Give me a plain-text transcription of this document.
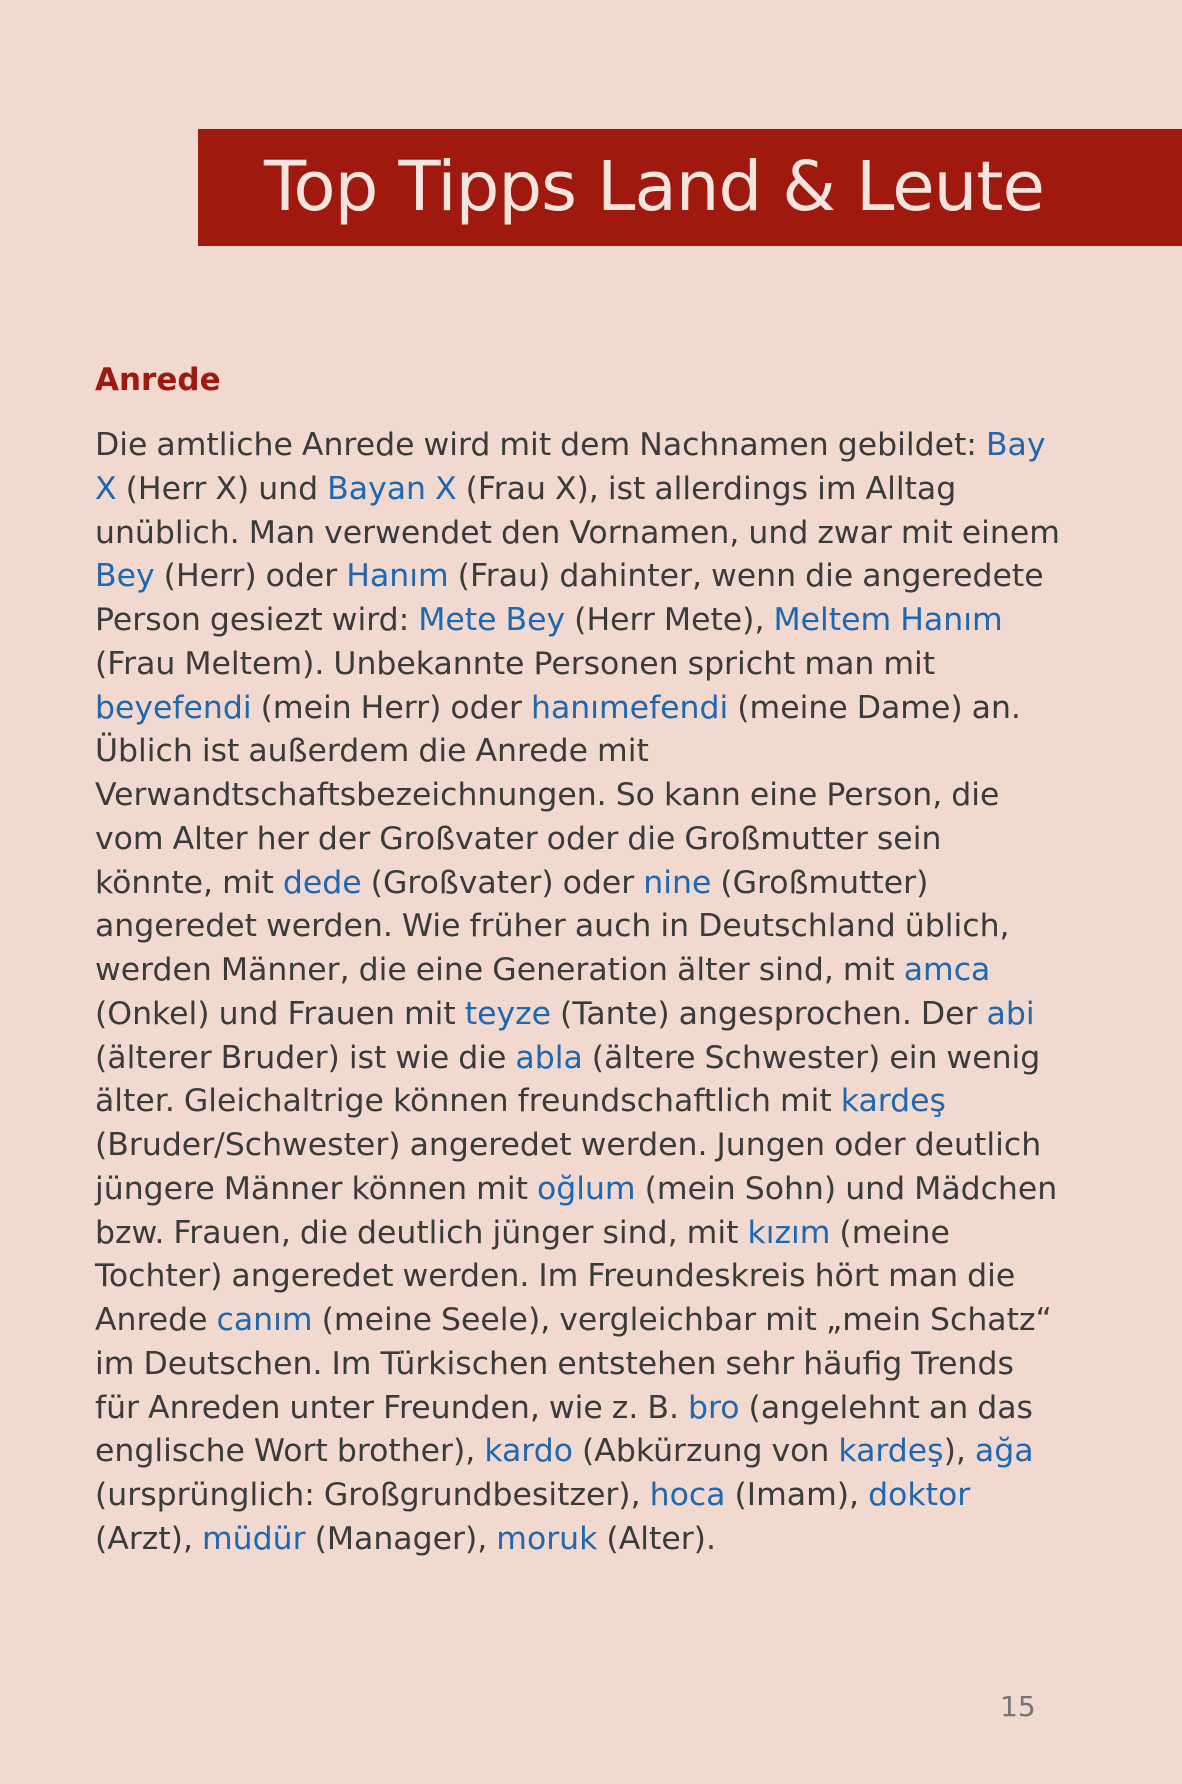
Top Tipps Land & Leute
Anrede

Die amtliche Anrede wird mit dem Nachnamen gebildet: Bay X (Herr X) und Bayan X (Frau X), ist allerdings im Alltag unüblich. Man verwendet den Vornamen, und zwar mit einem Bey (Herr) oder Hanım (Frau) dahinter, wenn die angeredete Person gesiezt wird: Mete Bey (Herr Mete), Meltem Hanım (Frau Meltem). Unbekannte Personen spricht man mit beyefendi (mein Herr) oder hanımefendi (meine Dame) an. Üblich ist außerdem die Anrede mit Verwandtschaftsbezeichnungen. So kann eine Person, die vom Alter her der Großvater oder die Großmutter sein könnte, mit dede (Großvater) oder nine (Großmutter) angeredet werden. Wie früher auch in Deutschland üblich, werden Männer, die eine Generation älter sind, mit amca (Onkel) und Frauen mit teyze (Tante) angesprochen. Der abi (älterer Bruder) ist wie die abla (ältere Schwester) ein wenig älter. Gleichaltrige können freundschaftlich mit kardeş (Bruder/Schwester) angeredet werden. Jungen oder deutlich jüngere Männer können mit oğlum (mein Sohn) und Mädchen bzw. Frauen, die deutlich jünger sind, mit kızım (meine Tochter) angeredet werden. Im Freundeskreis hört man die Anrede canım (meine Seele), vergleichbar mit „mein Schatz“ im Deutschen. Im Türkischen entstehen sehr häufig Trends für Anreden unter Freunden, wie z. B. bro (angelehnt an das englische Wort brother), kardo (Abkürzung von kardeş), ağa (ursprünglich: Großgrundbesitzer), hoca (Imam), doktor (Arzt), müdür (Manager), moruk (Alter).

15
